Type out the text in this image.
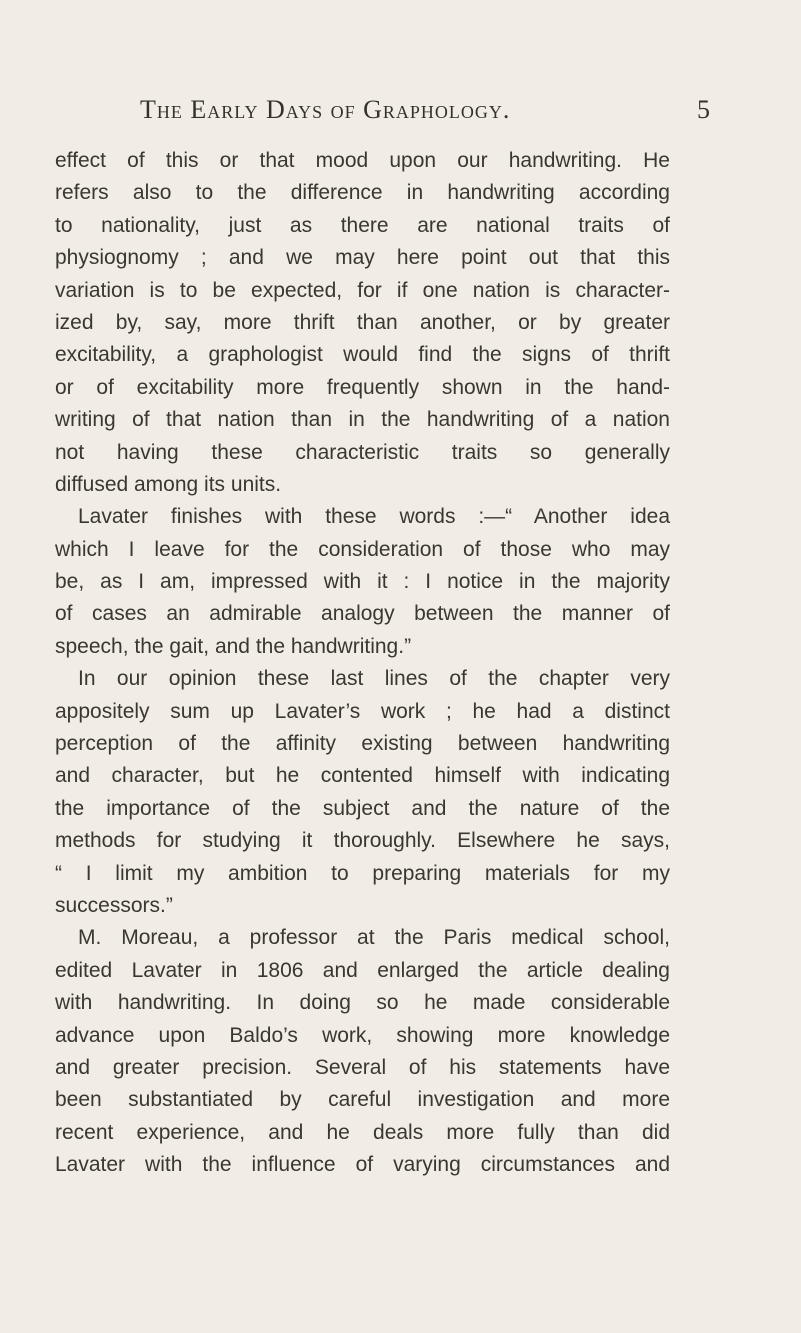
The Early Days of Graphology.	5
effect of this or that mood upon our handwriting. He
refers also to the difference in handwriting according
to nationality, just as there are national traits of
physiognomy ; and we may here point out that this
variation is to be expected, for if one nation is character-
ized by, say, more thrift than another, or by greater
excitability, a graphologist would find the signs of thrift
or of excitability more frequently shown in the hand-
writing of that nation than in the handwriting of a nation
not having these characteristic traits so generally
diffused among its units.
Lavater finishes with these words :—“ Another idea
which I leave for the consideration of those who may
be, as I am, impressed with it : I notice in the majority
of cases an admirable analogy between the manner of
speech, the gait, and the handwriting.”
In our opinion these last lines of the chapter very
appositely sum up Lavater’s work ; he had a distinct
perception of the affinity existing between handwriting
and character, but he contented himself with indicating
the importance of the subject and the nature of the
methods for studying it thoroughly. Elsewhere he says,
“ I limit my ambition to preparing materials for my
successors.”
M. Moreau, a professor at the Paris medical school,
edited Lavater in 1806 and enlarged the article dealing
with handwriting. In doing so he made considerable
advance upon Baldo’s work, showing more knowledge
and greater precision. Several of his statements have
been substantiated by careful investigation and more
recent experience, and he deals more fully than did
Lavater with the influence of varying circumstances and
